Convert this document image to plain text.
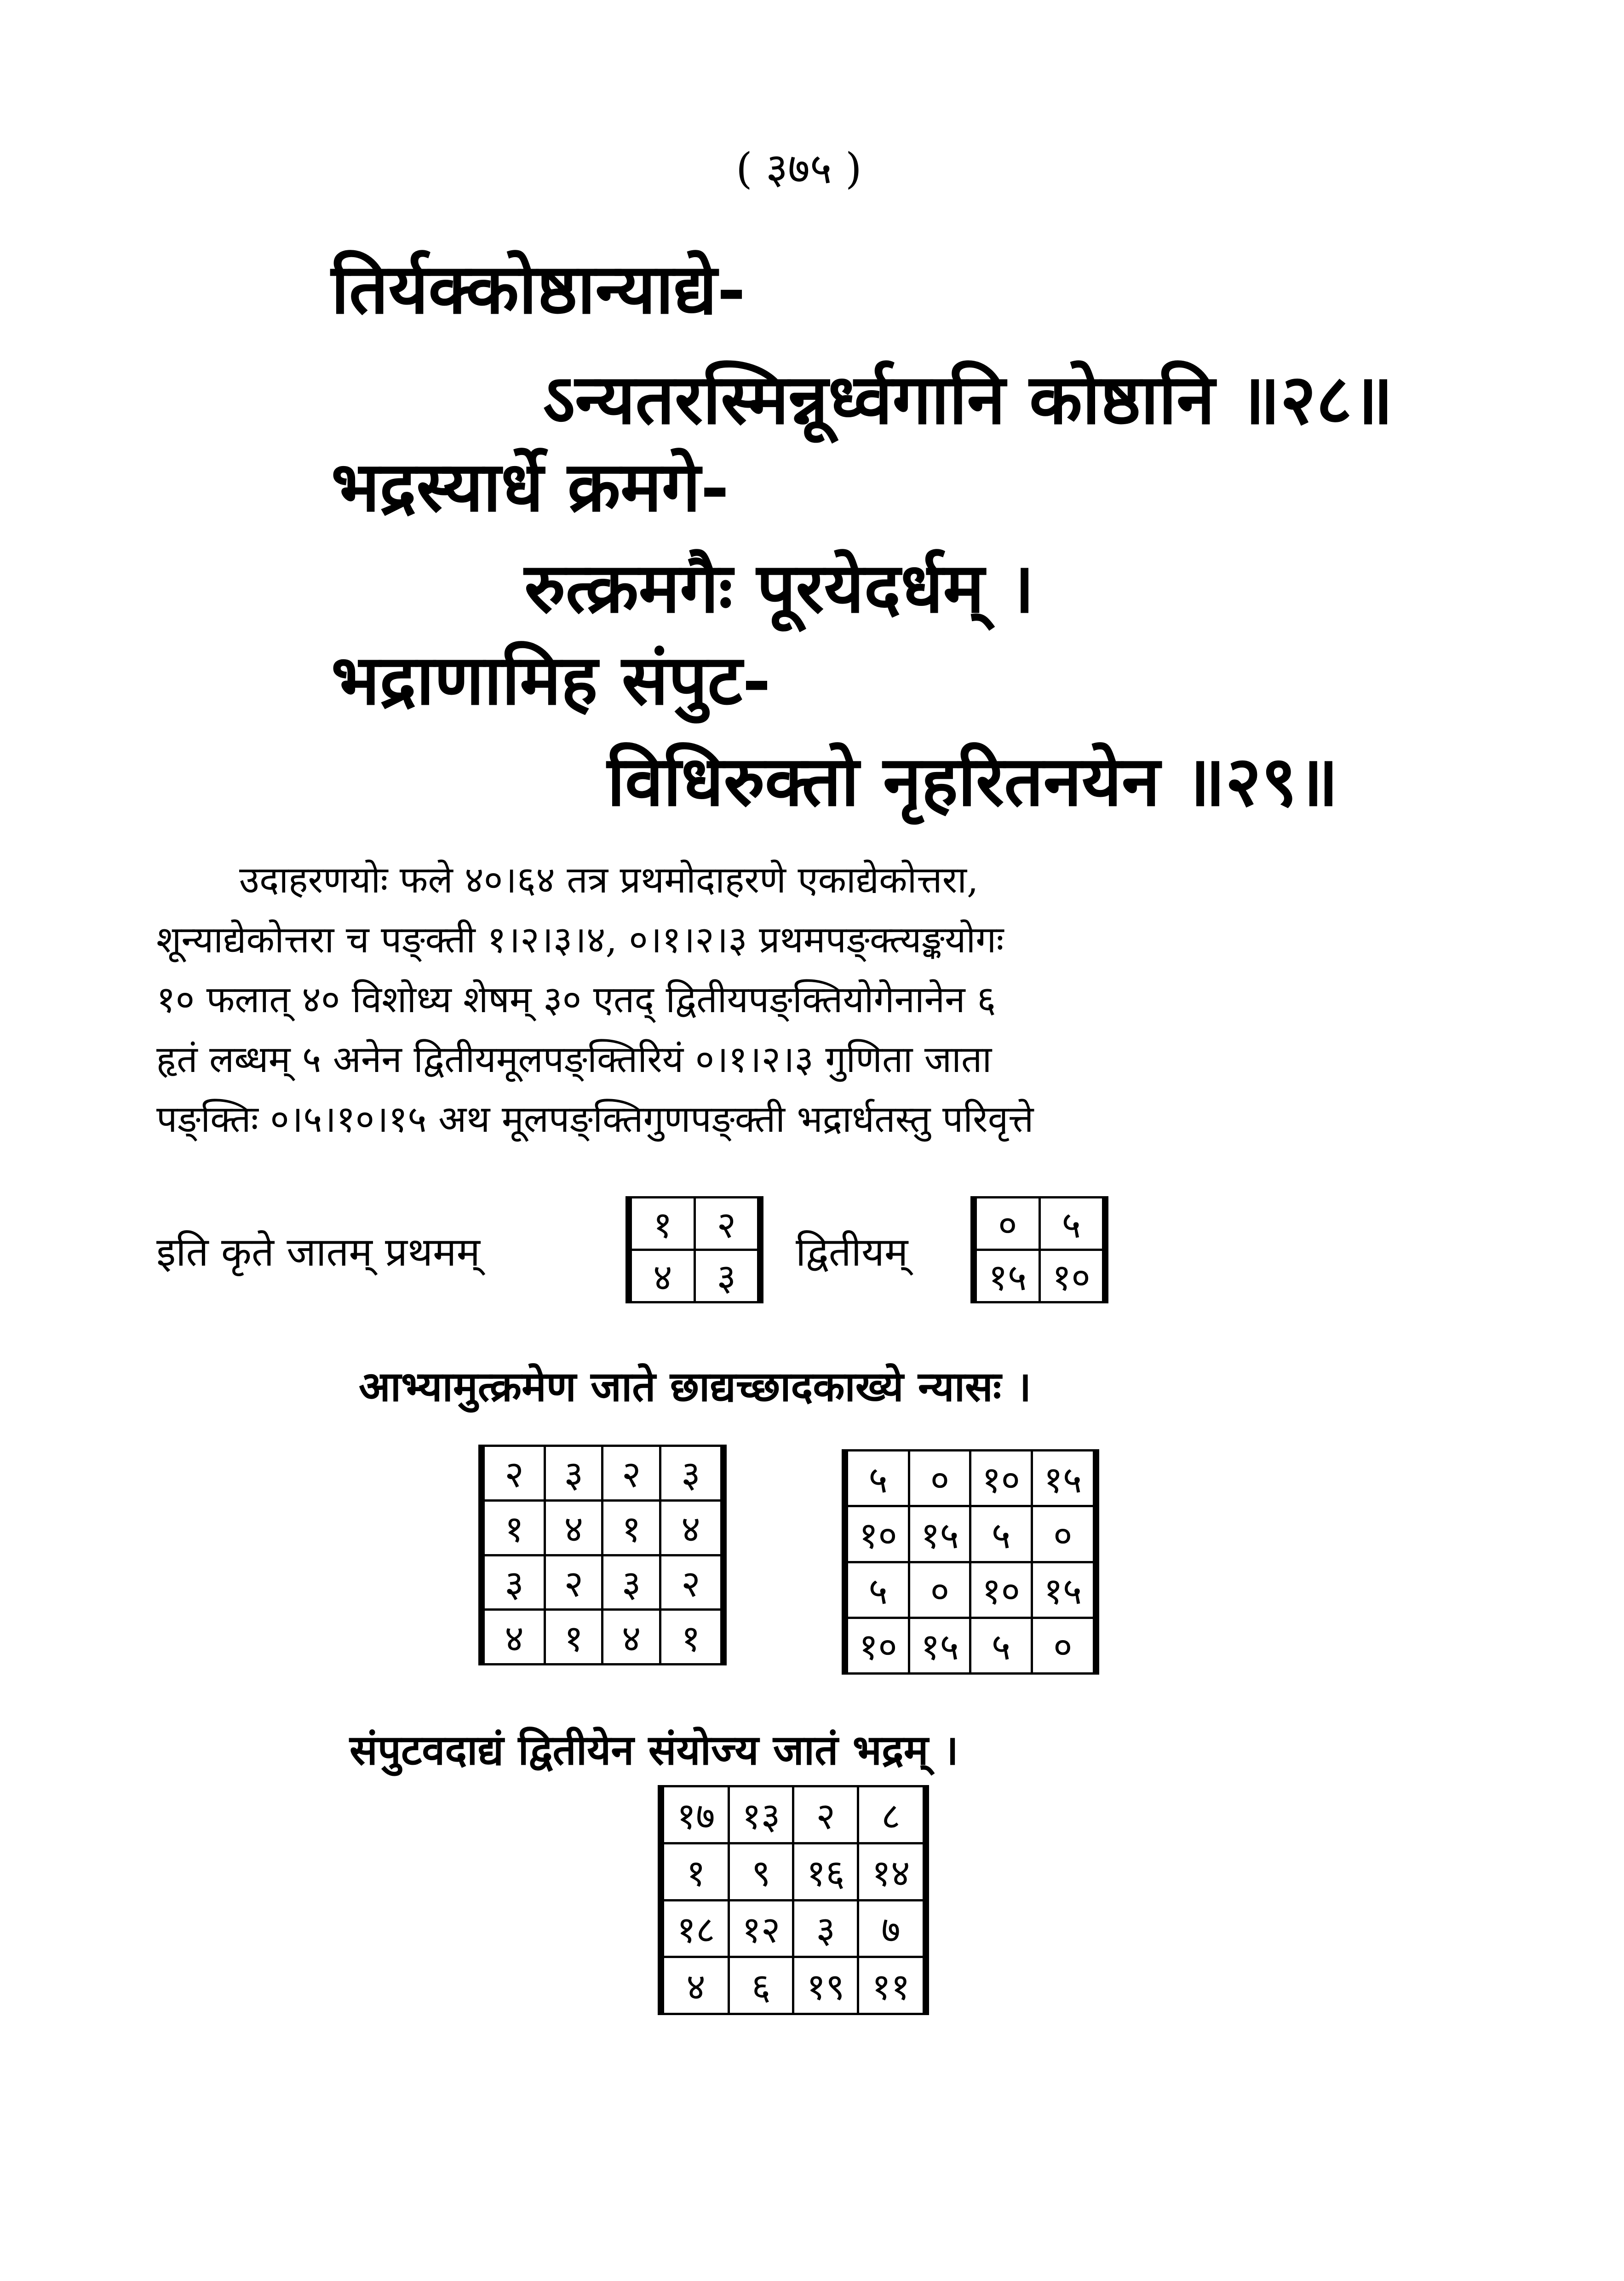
( ३७५ )
तिर्यक्कोष्ठान्याद्ये-
ऽन्यतरस्मिन्नूर्ध्वगानि कोष्ठानि ॥२८॥
भद्रस्यार्धे क्रमगे-
रुत्क्रमगैः पूरयेदर्धम् ।
भद्राणामिह संपुट-
विधिरुक्तो नृहरितनयेन ॥२९॥
उदाहरणयोः फले ४०।६४ तत्र प्रथमोदाहरणे एकाद्येकोत्तरा,
शून्याद्येकोत्तरा च पङ्क्ती १।२।३।४, ०।१।२।३ प्रथमपङ्क्त्यङ्कयोगः
१० फलात् ४० विशोध्य शेषम् ३० एतद् द्वितीयपङ्क्तियोगेनानेन ६
हृतं लब्धम् ५ अनेन द्वितीयमूलपङ्क्तिरियं ०।१।२।३ गुणिता जाता
पङ्क्तिः ०।५।१०।१५ अथ मूलपङ्क्तिगुणपङ्क्ती भद्रार्धतस्तु परिवृत्ते
इति कृते जातम् प्रथमम्
१	२
४	३
द्वितीयम्
०	५
१५	१०
आभ्यामुत्क्रमेण जाते छाद्यच्छादकाख्ये न्यासः ।
२	३	२	३
१	४	१	४
३	२	३	२
४	१	४	१
५	०	१०	१५
१०	१५	५	०
५	०	१०	१५
१०	१५	५	०
संपुटवदाद्यं द्वितीयेन संयोज्य जातं भद्रम् ।
१७	१३	२	८
१	९	१६	१४
१८	१२	३	७
४	६	१९	११
